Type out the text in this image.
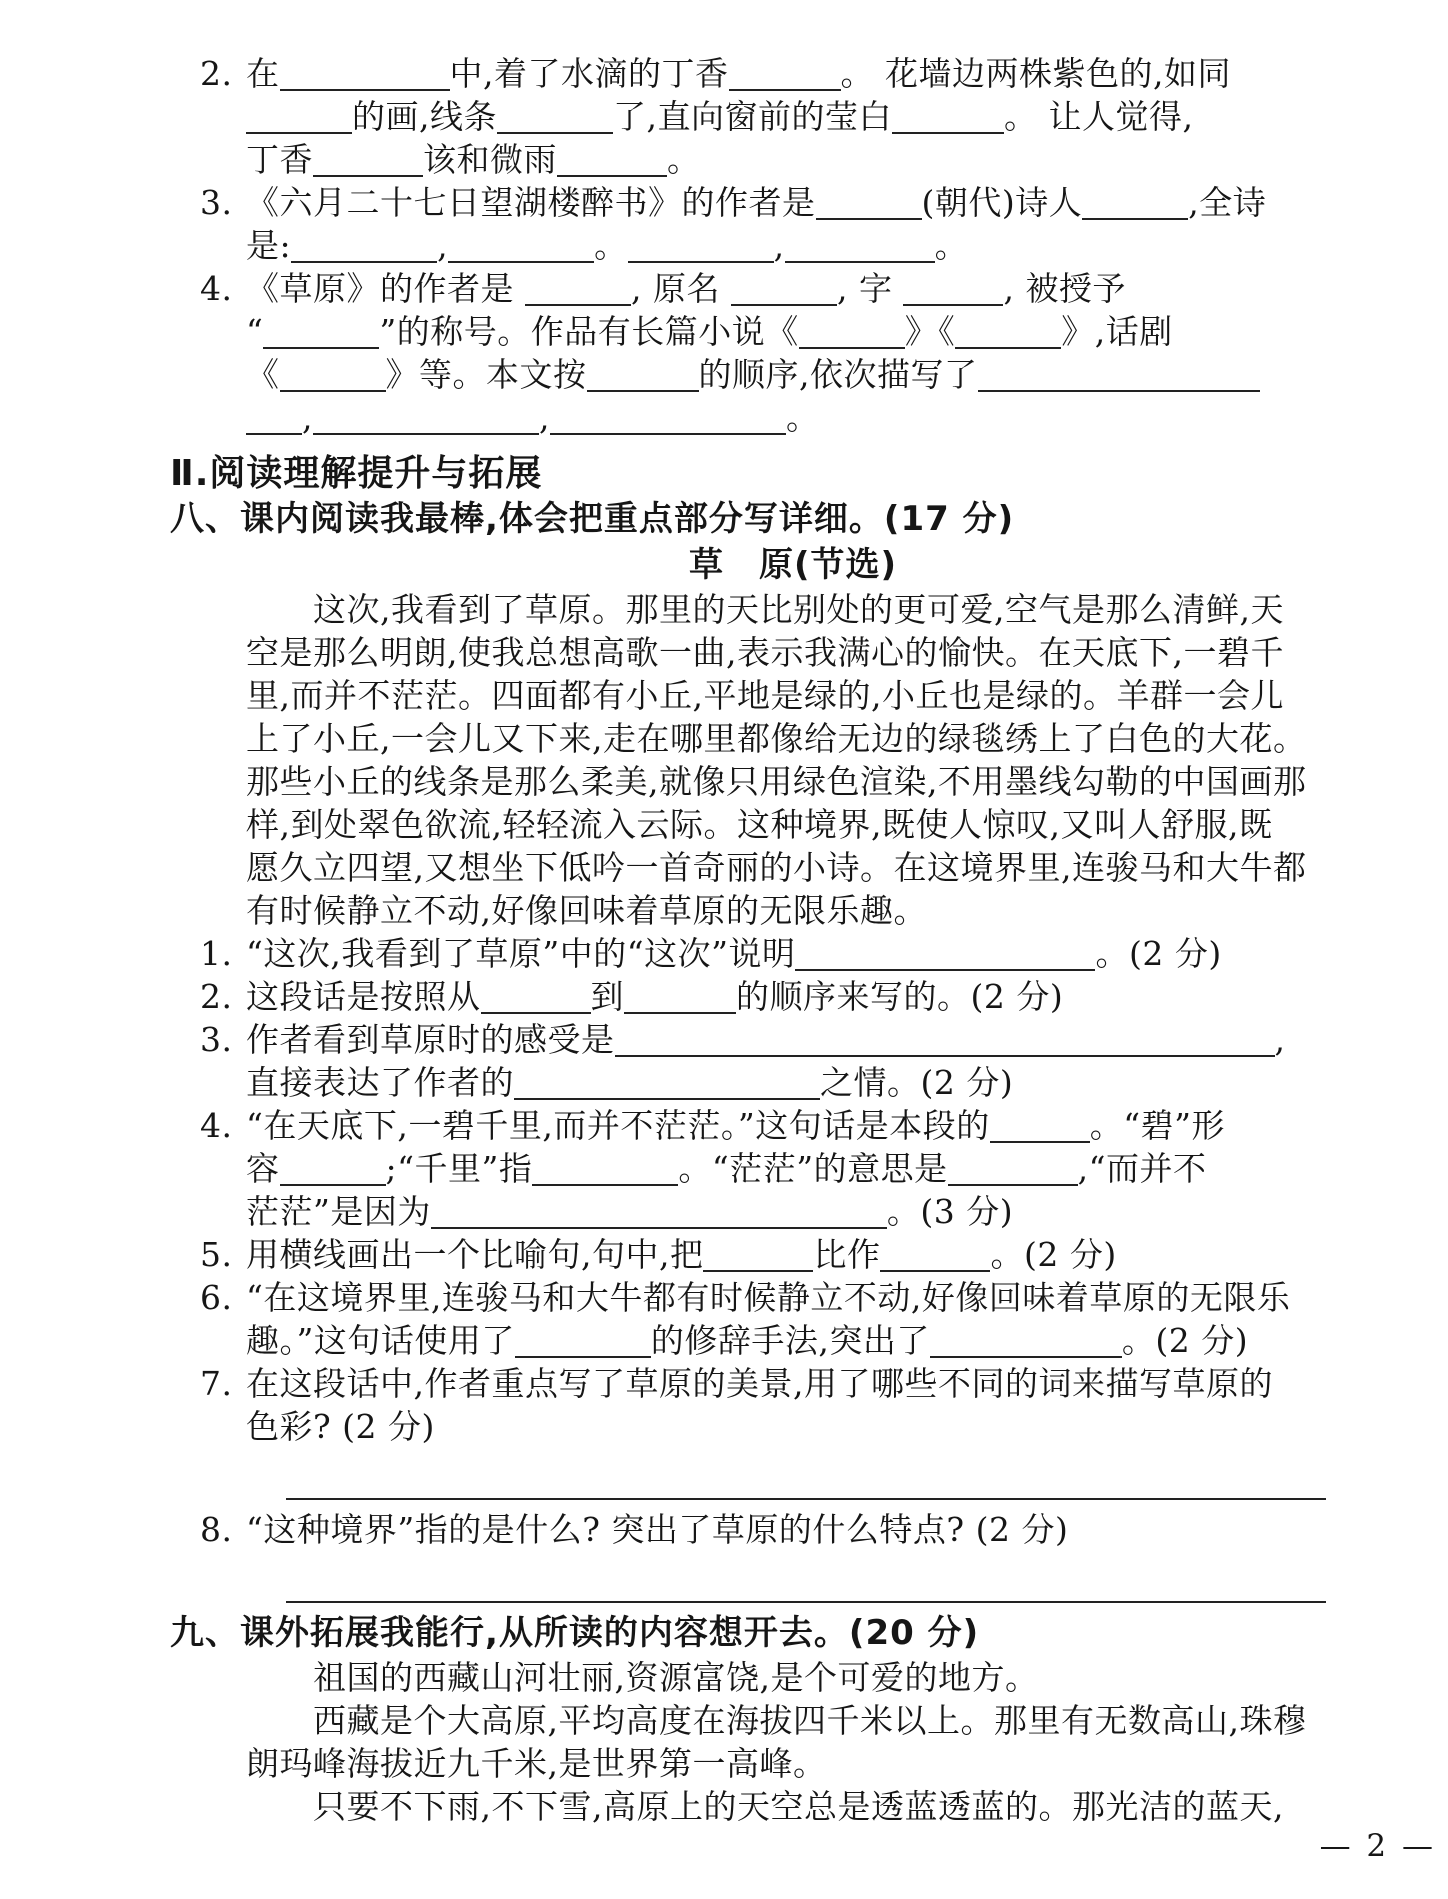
2. 在	中,着了水滴的丁香	。 花墙边两株紫色的,如同
的画,线条	了,直向窗前的莹白	。 让人觉得,
丁香	该和微雨	。
3. 《六月二十七日望湖楼醉书》的作者是	(朝代)诗人	,全诗
是:	,	。	,	。
4. 《草原》的作者是	, 原名	, 字	, 被授予
“	”的称号。作品有长篇小说《	》《	》,话剧
《	》等。本文按	的顺序,依次描写了
,	,	。
Ⅱ.阅读理解提升与拓展
八、课内阅读我最棒,体会把重点部分写详细。(17 分)
草　原(节选)
　　这次,我看到了草原。那里的天比别处的更可爱,空气是那么清鲜,天
空是那么明朗,使我总想高歌一曲,表示我满心的愉快。在天底下,一碧千
里,而并不茫茫。四面都有小丘,平地是绿的,小丘也是绿的。羊群一会儿
上了小丘,一会儿又下来,走在哪里都像给无边的绿毯绣上了白色的大花。
那些小丘的线条是那么柔美,就像只用绿色渲染,不用墨线勾勒的中国画那
样,到处翠色欲流,轻轻流入云际。这种境界,既使人惊叹,又叫人舒服,既
愿久立四望,又想坐下低吟一首奇丽的小诗。在这境界里,连骏马和大牛都
有时候静立不动,好像回味着草原的无限乐趣。
1. “这次,我看到了草原”中的“这次”说明	。(2 分)
2. 这段话是按照从	到	的顺序来写的。(2 分)
3. 作者看到草原时的感受是	,
直接表达了作者的	之情。(2 分)
4. “在天底下,一碧千里,而并不茫茫。”这句话是本段的	。“碧”形
容	;“千里”指	。“茫茫”的意思是	,“而并不
茫茫”是因为	。(3 分)
5. 用横线画出一个比喻句,句中,把	比作	。(2 分)
6. “在这境界里,连骏马和大牛都有时候静立不动,好像回味着草原的无限乐
趣。”这句话使用了	的修辞手法,突出了	。(2 分)
7. 在这段话中,作者重点写了草原的美景,用了哪些不同的词来描写草原的
色彩? (2 分)
8. “这种境界”指的是什么? 突出了草原的什么特点? (2 分)
九、课外拓展我能行,从所读的内容想开去。(20 分)
　　祖国的西藏山河壮丽,资源富饶,是个可爱的地方。
　　西藏是个大高原,平均高度在海拔四千米以上。那里有无数高山,珠穆
朗玛峰海拔近九千米,是世界第一高峰。
　　只要不下雨,不下雪,高原上的天空总是透蓝透蓝的。那光洁的蓝天,
— 2 —
